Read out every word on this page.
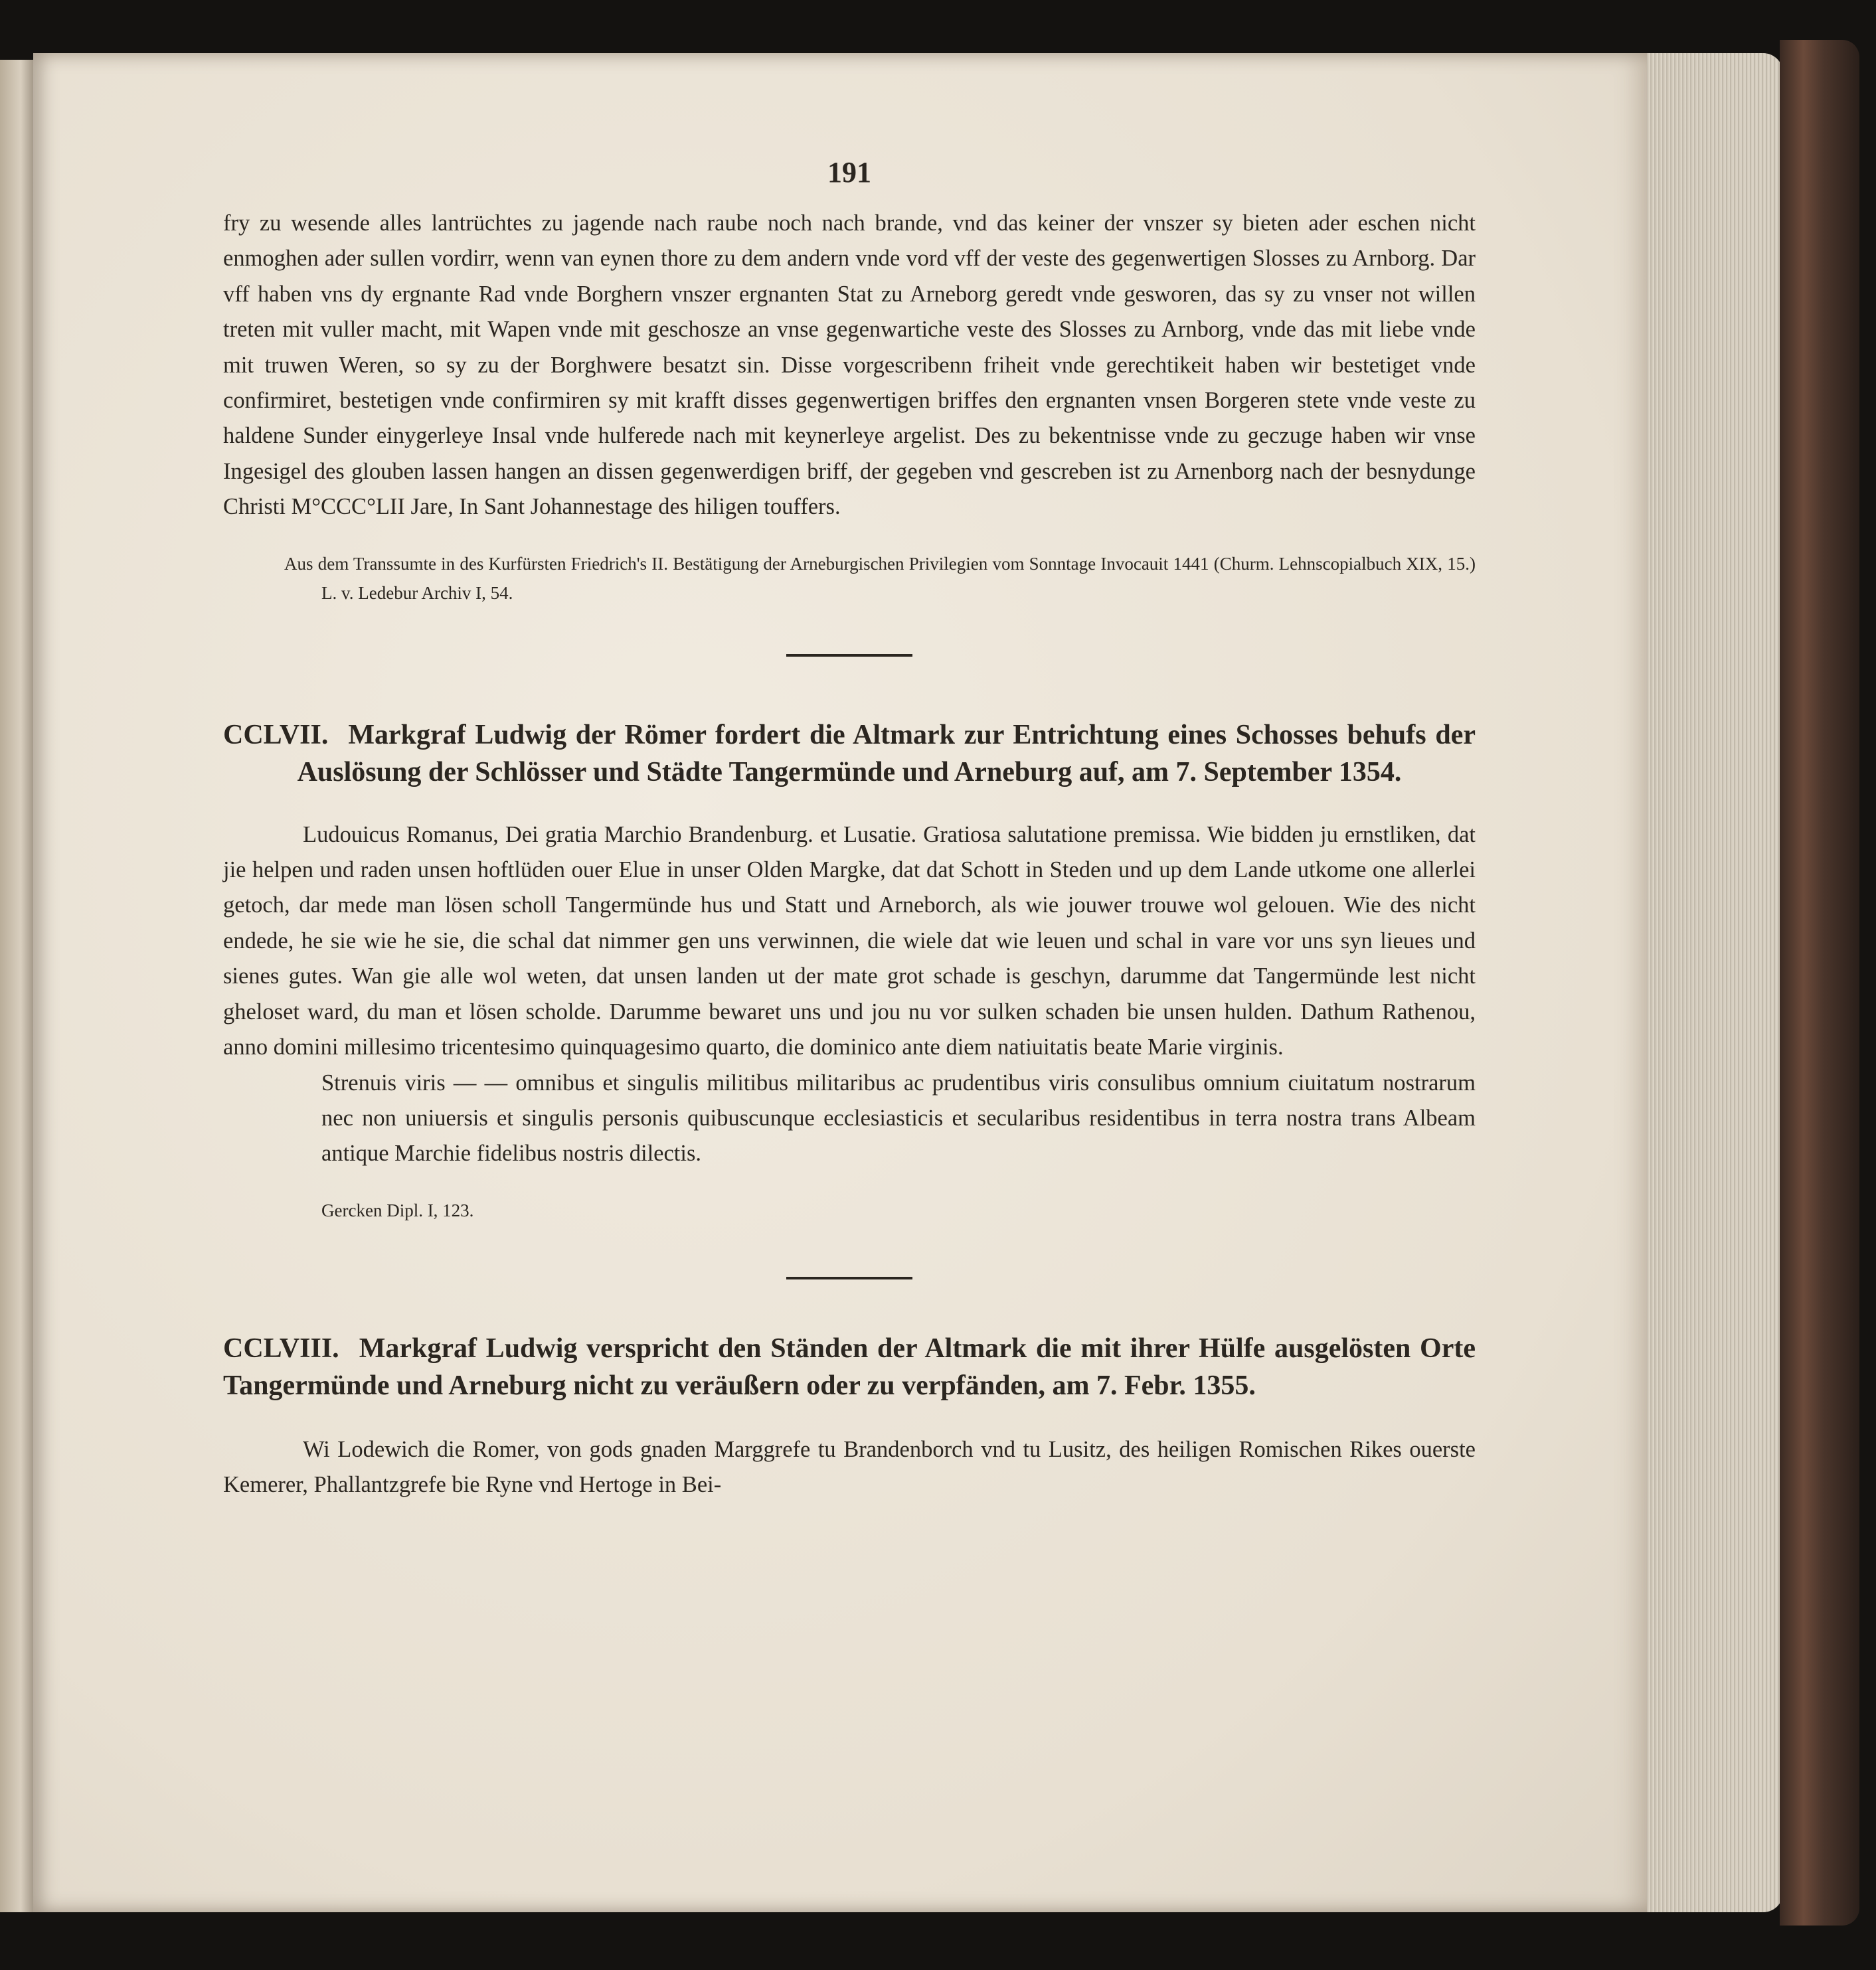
191

fry zu wesende alles lantrüchtes zu jagende nach raube noch nach brande, vnd das keiner der vnszer sy bieten ader eschen nicht enmoghen ader sullen vordirr, wenn van eynen thore zu dem andern vnde vord vff der veste des gegenwertigen Slosses zu Arnborg. Dar vff haben vns dy ergnante Rad vnde Borghern vnszer ergnanten Stat zu Arneborg geredt vnde geswоren, das sy zu vnser not willen treten mit vuller macht, mit Wapen vnde mit geschosze an vnse gegenwartiche veste des Slosses zu Arnborg, vnde das mit liebe vnde mit truwen Weren, so sy zu der Borghwere besatzt sin. Disse vorgescribenn friheit vnde gerechtikeit haben wir bestetiget vnde confirmiret, bestetigen vnde confirmiren sy mit krafft disses gegenwertigen briffes den ergnanten vnsen Borgeren stete vnde veste zu haldene Sunder einygerleye Insal vnde hulferede nach mit keynerleye argelist. Des zu bekentnisse vnde zu geczuge haben wir vnse Ingesigel des glouben lassen hangen an dissen gegenwerdigen briff, der gegeben vnd gescreben ist zu Arnenborg nach der besnydunge Christi M°CCC°LII Jare, In Sant Johannestage des hiligen touffers.

Aus dem Transsumte in des Kurfürsten Friedrich's II. Bestätigung der Arneburgischen Privilegien vom Sonntage Invocauit 1441 (Churm. Lehnscopialbuch XIX, 15.) L. v. Ledebur Archiv I, 54.

CCLVII. Markgraf Ludwig der Römer fordert die Altmark zur Entrichtung eines Schosses behufs der Auslösung der Schlösser und Städte Tangermünde und Arneburg auf, am 7. September 1354.

Ludouicus Romanus, Dei gratia Marchio Brandenburg. et Lusatie. Gratiosa salutatione premissa. Wie bidden ju ernstliken, dat jie helpen und raden unsen hoftlüden ouer Elue in unser Olden Margke, dat dat Schott in Steden und up dem Lande utkome one allerlei getoch, dar mede man lösen scholl Tangermünde hus und Statt und Arneborch, als wie jouwer trouwe wol gelouen. Wie des nicht endede, he sie wie he sie, die schal dat nimmer gen uns verwinnen, die wiele dat wie leuen und schal in vare vor uns syn lieues und sienes gutes. Wan gie alle wol weten, dat unsen landen ut der mate grot schade is geschyn, darumme dat Tangermünde lest nicht ghelosеt ward, du man et lösen scholde. Darumme bewaret uns und jou nu vor sulken schaden bie unsen hulden. Dathum Rathenou, anno domini millesimo tricentesimo quinquagesimo quarto, die dominico ante diem natiuitatis beate Marie virginis.

Strenuis viris — — omnibus et singulis militibus militaribus ac prudentibus viris consulibus omnium ciuitatum nostrarum nec non uniuersis et singulis personis quibuscunque ecclesiasticis et secularibus residentibus in terra nostra trans Albeam antique Marchie fidelibus nostris dilectis.

Gercken Dipl. I, 123.

CCLVIII. Markgraf Ludwig verspricht den Ständen der Altmark die mit ihrer Hülfe ausgelösten Orte Tangermünde und Arneburg nicht zu veräußern oder zu verpfänden, am 7. Febr. 1355.

Wi Lodewich die Romer, von gods gnaden Marggrefe tu Brandenborch vnd tu Lusitz, des heiligen Romischen Rikes ouerste Kemerer, Phallantzgrefe bie Ryne vnd Hertoge in Bei-
